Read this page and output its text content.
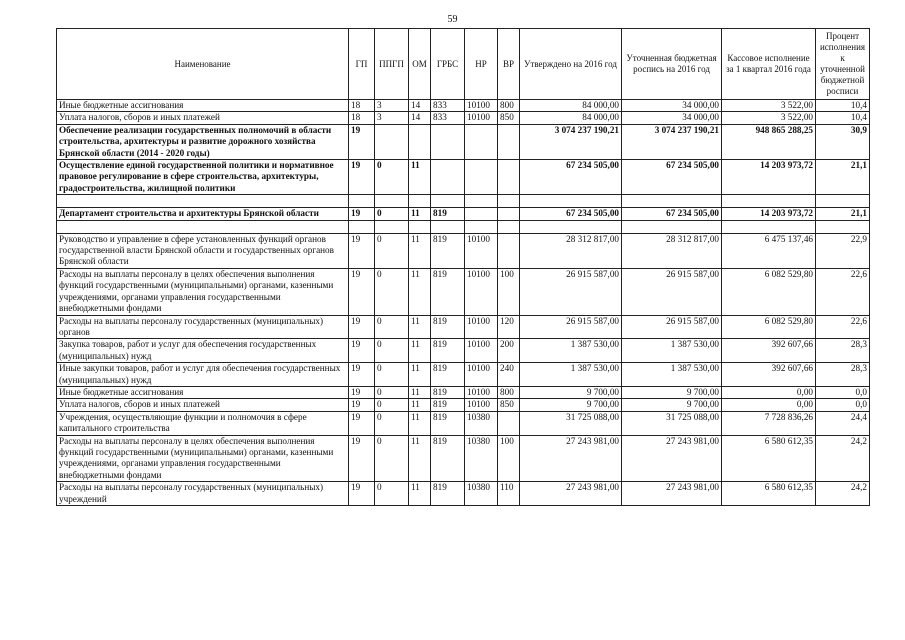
59
Наименование	ГП	ППГП	ОМ	ГРБС	НР	ВР	Утверждено на 2016 год	Уточненная бюджетная роспись на 2016 год	Кассовое исполнение за 1 квартал 2016 года	Процент исполнения к уточненной бюджетной росписи
Иные бюджетные ассигнования	18	3	14	833	10100	800	84 000,00	34 000,00	3 522,00	10,4
Уплата налогов, сборов и иных платежей	18	3	14	833	10100	850	84 000,00	34 000,00	3 522,00	10,4
Обеспечение реализации государственных полномочий в области строительства, архитектуры и развитие дорожного хозяйства Брянской области (2014 - 2020 годы)	19						3 074 237 190,21	3 074 237 190,21	948 865 288,25	30,9
Осуществление единой государственной политики и нормативное правовое регулирование в сфере строительства, архитектуры, градостроительства, жилищной политики	19	0	11				67 234 505,00	67 234 505,00	14 203 973,72	21,1

Департамент строительства и архитектуры Брянской области	19	0	11	819			67 234 505,00	67 234 505,00	14 203 973,72	21,1

Руководство и управление в сфере установленных функций органов государственной власти Брянской области и государственных органов Брянской области	19	0	11	819	10100		28 312 817,00	28 312 817,00	6 475 137,46	22,9
Расходы на выплаты персоналу в целях обеспечения выполнения функций государственными (муниципальными) органами, казенными учреждениями, органами управления государственными внебюджетными фондами	19	0	11	819	10100	100	26 915 587,00	26 915 587,00	6 082 529,80	22,6
Расходы на выплаты персоналу государственных (муниципальных) органов	19	0	11	819	10100	120	26 915 587,00	26 915 587,00	6 082 529,80	22,6
Закупка товаров, работ и услуг для обеспечения государственных (муниципальных) нужд	19	0	11	819	10100	200	1 387 530,00	1 387 530,00	392 607,66	28,3
Иные закупки товаров, работ и услуг для обеспечения государственных (муниципальных) нужд	19	0	11	819	10100	240	1 387 530,00	1 387 530,00	392 607,66	28,3
Иные бюджетные ассигнования	19	0	11	819	10100	800	9 700,00	9 700,00	0,00	0,0
Уплата налогов, сборов и иных платежей	19	0	11	819	10100	850	9 700,00	9 700,00	0,00	0,0
Учреждения, осуществляющие функции и полномочия в сфере капитального строительства	19	0	11	819	10380		31 725 088,00	31 725 088,00	7 728 836,26	24,4
Расходы на выплаты персоналу в целях обеспечения выполнения функций государственными (муниципальными) органами, казенными учреждениями, органами управления государственными внебюджетными фондами	19	0	11	819	10380	100	27 243 981,00	27 243 981,00	6 580 612,35	24,2
Расходы на выплаты персоналу государственных (муниципальных) учреждений	19	0	11	819	10380	110	27 243 981,00	27 243 981,00	6 580 612,35	24,2
